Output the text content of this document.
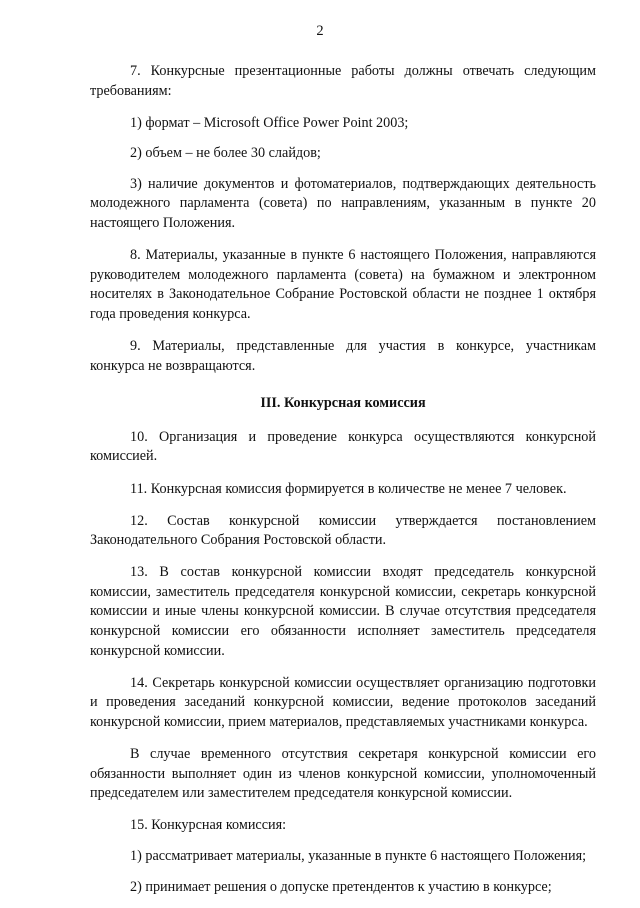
2

7. Конкурсные презентационные работы должны отвечать следующим требованиям:

1) формат – Microsoft Office Power Point 2003;

2) объем – не более 30 слайдов;

3) наличие документов и фотоматериалов, подтверждающих деятельность молодежного парламента (совета) по направлениям, указанным в пункте 20 настоящего Положения.

8. Материалы, указанные в пункте 6 настоящего Положения, направляются руководителем молодежного парламента (совета) на бумажном и электронном носителях в Законодательное Собрание Ростовской области не позднее 1 октября года проведения конкурса.

9. Материалы, представленные для участия в конкурсе, участникам конкурса не возвращаются.

III. Конкурсная комиссия

10. Организация и проведение конкурса осуществляются конкурсной комиссией.

11. Конкурсная комиссия формируется в количестве не менее 7 человек.

12. Состав конкурсной комиссии утверждается постановлением Законодательного Собрания Ростовской области.

13. В состав конкурсной комиссии входят председатель конкурсной комиссии, заместитель председателя конкурсной комиссии, секретарь конкурсной комиссии и иные члены конкурсной комиссии. В случае отсутствия председателя конкурсной комиссии его обязанности исполняет заместитель председателя конкурсной комиссии.

14. Секретарь конкурсной комиссии осуществляет организацию подготовки и проведения заседаний конкурсной комиссии, ведение протоколов заседаний конкурсной комиссии, прием материалов, представляемых участниками конкурса.

В случае временного отсутствия секретаря конкурсной комиссии его обязанности выполняет один из членов конкурсной комиссии, уполномоченный председателем или заместителем председателя конкурсной комиссии.

15. Конкурсная комиссия:

1) рассматривает материалы, указанные в пункте 6 настоящего Положения;

2) принимает решения о допуске претендентов к участию в конкурсе;
